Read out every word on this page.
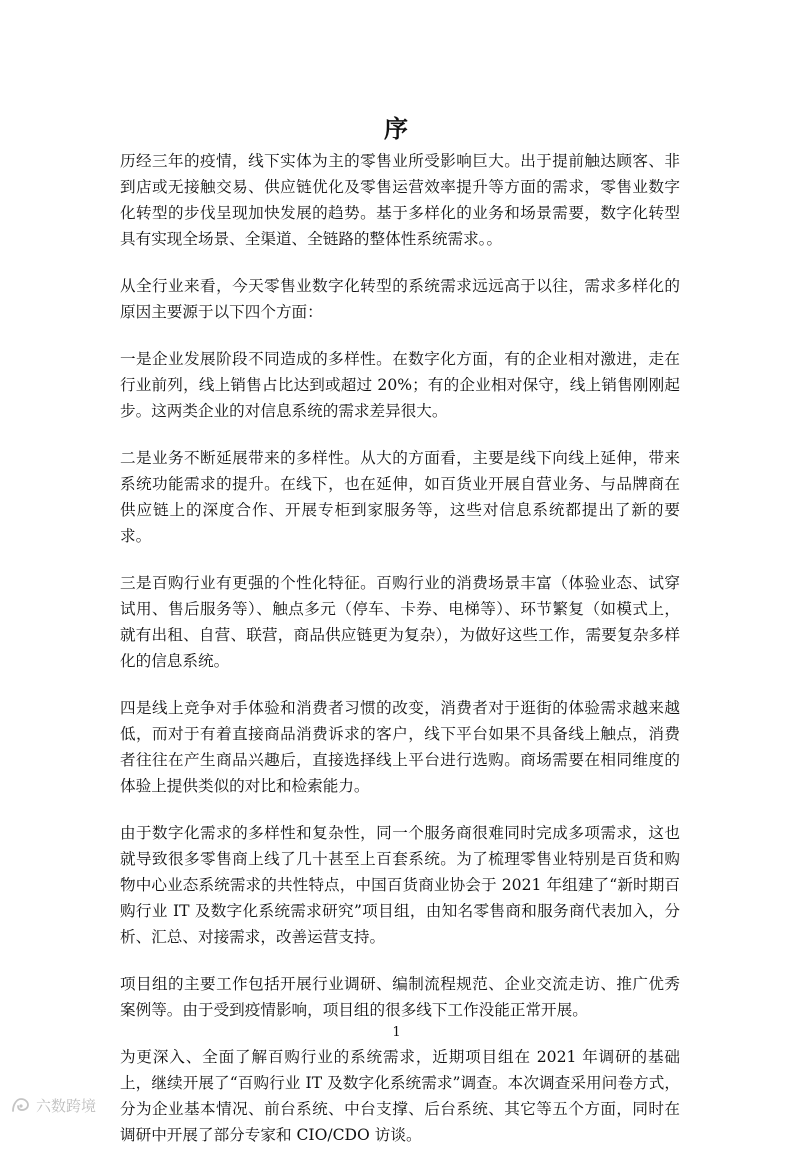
序

历经三年的疫情，线下实体为主的零售业所受影响巨大。出于提前触达顾客、非到店或无接触交易、供应链优化及零售运营效率提升等方面的需求，零售业数字化转型的步伐呈现加快发展的趋势。基于多样化的业务和场景需要，数字化转型具有实现全场景、全渠道、全链路的整体性系统需求。。

从全行业来看，今天零售业数字化转型的系统需求远远高于以往，需求多样化的原因主要源于以下四个方面：

一是企业发展阶段不同造成的多样性。在数字化方面，有的企业相对激进，走在行业前列，线上销售占比达到或超过 20%；有的企业相对保守，线上销售刚刚起步。这两类企业的对信息系统的需求差异很大。

二是业务不断延展带来的多样性。从大的方面看，主要是线下向线上延伸，带来系统功能需求的提升。在线下，也在延伸，如百货业开展自营业务、与品牌商在供应链上的深度合作、开展专柜到家服务等，这些对信息系统都提出了新的要求。

三是百购行业有更强的个性化特征。百购行业的消费场景丰富（体验业态、试穿试用、售后服务等）、触点多元（停车、卡券、电梯等）、环节繁复（如模式上，就有出租、自营、联营，商品供应链更为复杂），为做好这些工作，需要复杂多样化的信息系统。

四是线上竞争对手体验和消费者习惯的改变，消费者对于逛街的体验需求越来越低，而对于有着直接商品消费诉求的客户，线下平台如果不具备线上触点，消费者往往在产生商品兴趣后，直接选择线上平台进行选购。商场需要在相同维度的体验上提供类似的对比和检索能力。

由于数字化需求的多样性和复杂性，同一个服务商很难同时完成多项需求，这也就导致很多零售商上线了几十甚至上百套系统。为了梳理零售业特别是百货和购物中心业态系统需求的共性特点，中国百货商业协会于 2021 年组建了“新时期百购行业 IT 及数字化系统需求研究”项目组，由知名零售商和服务商代表加入，分析、汇总、对接需求，改善运营支持。

项目组的主要工作包括开展行业调研、编制流程规范、企业交流走访、推广优秀案例等。由于受到疫情影响，项目组的很多线下工作没能正常开展。

为更深入、全面了解百购行业的系统需求，近期项目组在 2021 年调研的基础上，继续开展了“百购行业 IT 及数字化系统需求”调查。本次调查采用问卷方式，分为企业基本情况、前台系统、中台支撑、后台系统、其它等五个方面，同时在调研中开展了部分专家和 CIO/CDO 访谈。

1
六数跨境
